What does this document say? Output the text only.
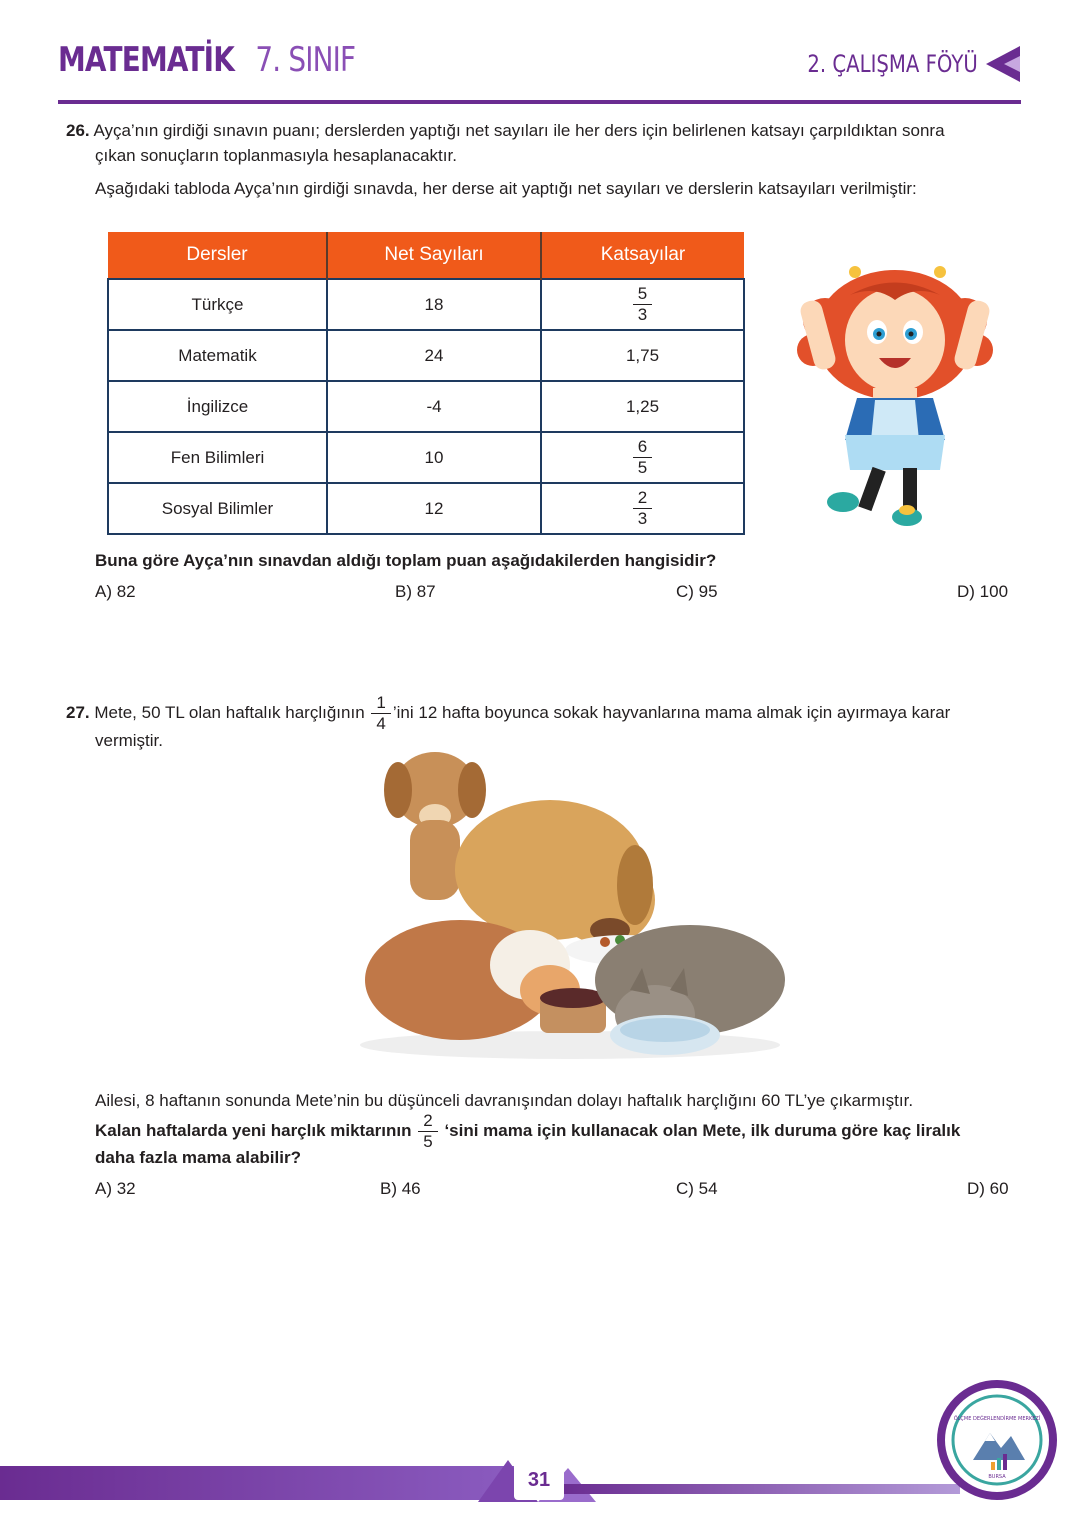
MATEMATİK 7. SINIF	2. ÇALIŞMA FÖYÜ
26. Ayça’nın girdiği sınavın puanı; derslerden yaptığı net sayıları ile her ders için belirlenen katsayı çarpıldıktan sonra
çıkan sonuçların toplanmasıyla hesaplanacaktır.
Aşağıdaki tabloda Ayça’nın girdiği sınavda, her derse ait yaptığı net sayıları ve derslerin katsayıları verilmiştir:
Dersler	Net Sayıları	Katsayılar
Türkçe	18	$\frac{5}{3}$

Matematik	24	1,75
İngilizce	-4	1,25
Fen Bilimleri	10	$\frac{6}{5}$

Sosyal Bilimler	12	$\frac{2}{3}$
Buna göre Ayça’nın sınavdan aldığı toplam puan aşağıdakilerden hangisidir?
A) 82	B) 87	C) 95	D) 100
27. Mete, 50 TL olan haftalık harçlığının $\frac{1}{4}$ ’ini 12 hafta boyunca sokak hayvanlarına mama almak için ayırmaya karar
vermiştir.
Ailesi, 8 haftanın sonunda Mete’nin bu düşünceli davranışından dolayı haftalık harçlığını 60 TL’ye çıkarmıştır.
Kalan haftalarda yeni harçlık miktarının $\frac{2}{5}$ ‘sini mama için kullanacak olan Mete, ilk duruma göre kaç liralık
daha fazla mama alabilir?
A) 32	B) 46	C) 54	D) 60
31
ÖLÇME DEĞERLENDİRME MERKEZİ
BURSA
